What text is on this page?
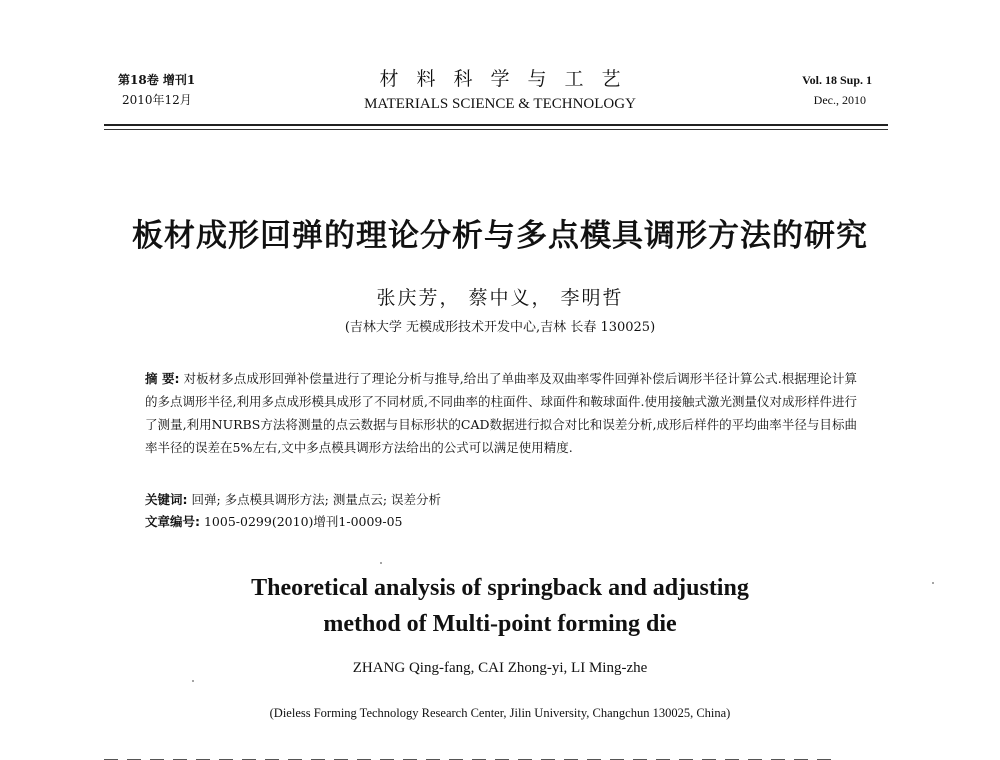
第18卷 增刊1
2010年12月
材料科学与工艺
MATERIALS SCIENCE & TECHNOLOGY
Vol. 18 Sup. 1
Dec., 2010
板材成形回弹的理论分析与多点模具调形方法的研究
张庆芳， 蔡中义， 李明哲
(吉林大学 无模成形技术开发中心,吉林 长春 130025)
摘 要: 对板材多点成形回弹补偿量进行了理论分析与推导,给出了单曲率及双曲率零件回弹补偿后调形半径计算公式.根据理论计算的多点调形半径,利用多点成形模具成形了不同材质,不同曲率的柱面件、球面件和鞍球面件.使用接触式激光测量仪对成形样件进行了测量,利用NURBS方法将测量的点云数据与目标形状的CAD数据进行拟合对比和误差分析,成形后样件的平均曲率半径与目标曲率半径的误差在5%左右,文中多点模具调形方法给出的公式可以满足使用精度.
关键词: 回弹; 多点模具调形方法; 测量点云; 误差分析
文章编号: 1005-0299(2010)增刊1-0009-05
Theoretical analysis of springback and adjusting
method of Multi-point forming die
ZHANG Qing-fang, CAI Zhong-yi, LI Ming-zhe
(Dieless Forming Technology Research Center, Jilin University, Changchun 130025, China)
